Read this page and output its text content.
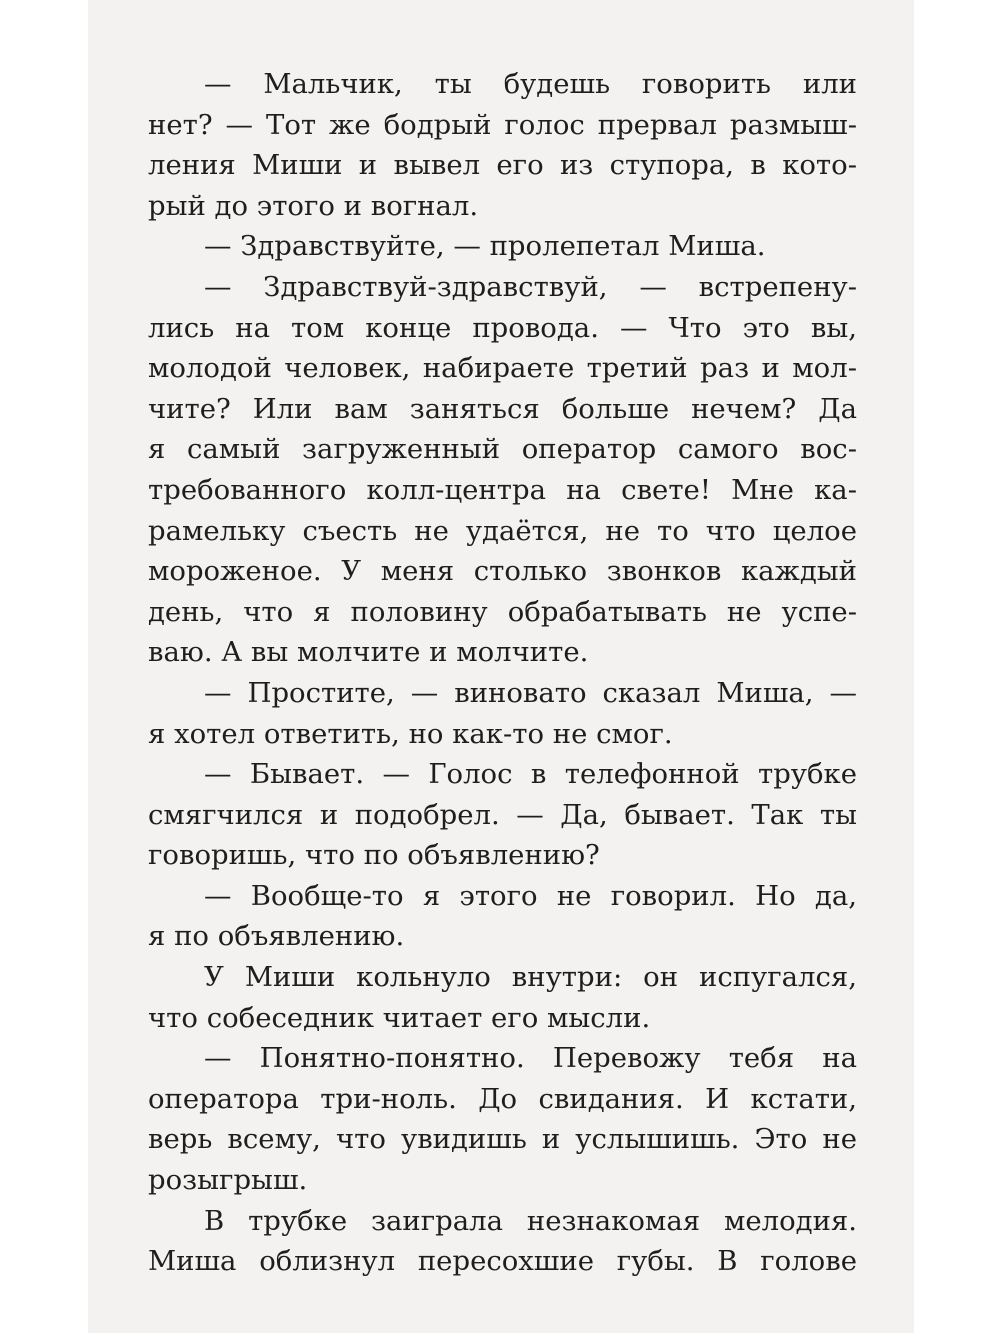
— Мальчик, ты будешь говорить или
нет? — Тот же бодрый голос прервал размыш-
ления Миши и вывел его из ступора, в кото-
рый до этого и вогнал.
— Здравствуйте, — пролепетал Миша.
— Здравствуй-здравствуй, — встрепену-
лись на том конце провода. — Что это вы,
молодой человек, набираете третий раз и мол-
чите? Или вам заняться больше нечем? Да
я самый загруженный оператор самого вос-
требованного колл-центра на свете! Мне ка-
рамельку съесть не удаётся, не то что целое
мороженое. У меня столько звонков каждый
день, что я половину обрабатывать не успе-
ваю. А вы молчите и молчите.
— Простите, — виновато сказал Миша, —
я хотел ответить, но как-то не смог.
— Бывает. — Голос в телефонной трубке
смягчился и подобрел. — Да, бывает. Так ты
говоришь, что по объявлению?
— Вообще-то я этого не говорил. Но да,
я по объявлению.
У Миши кольнуло внутри: он испугался,
что собеседник читает его мысли.
— Понятно-понятно. Перевожу тебя на
оператора три-ноль. До свидания. И кстати,
верь всему, что увидишь и услышишь. Это не
розыгрыш.
В трубке заиграла незнакомая мелодия.
Миша облизнул пересохшие губы. В голове
